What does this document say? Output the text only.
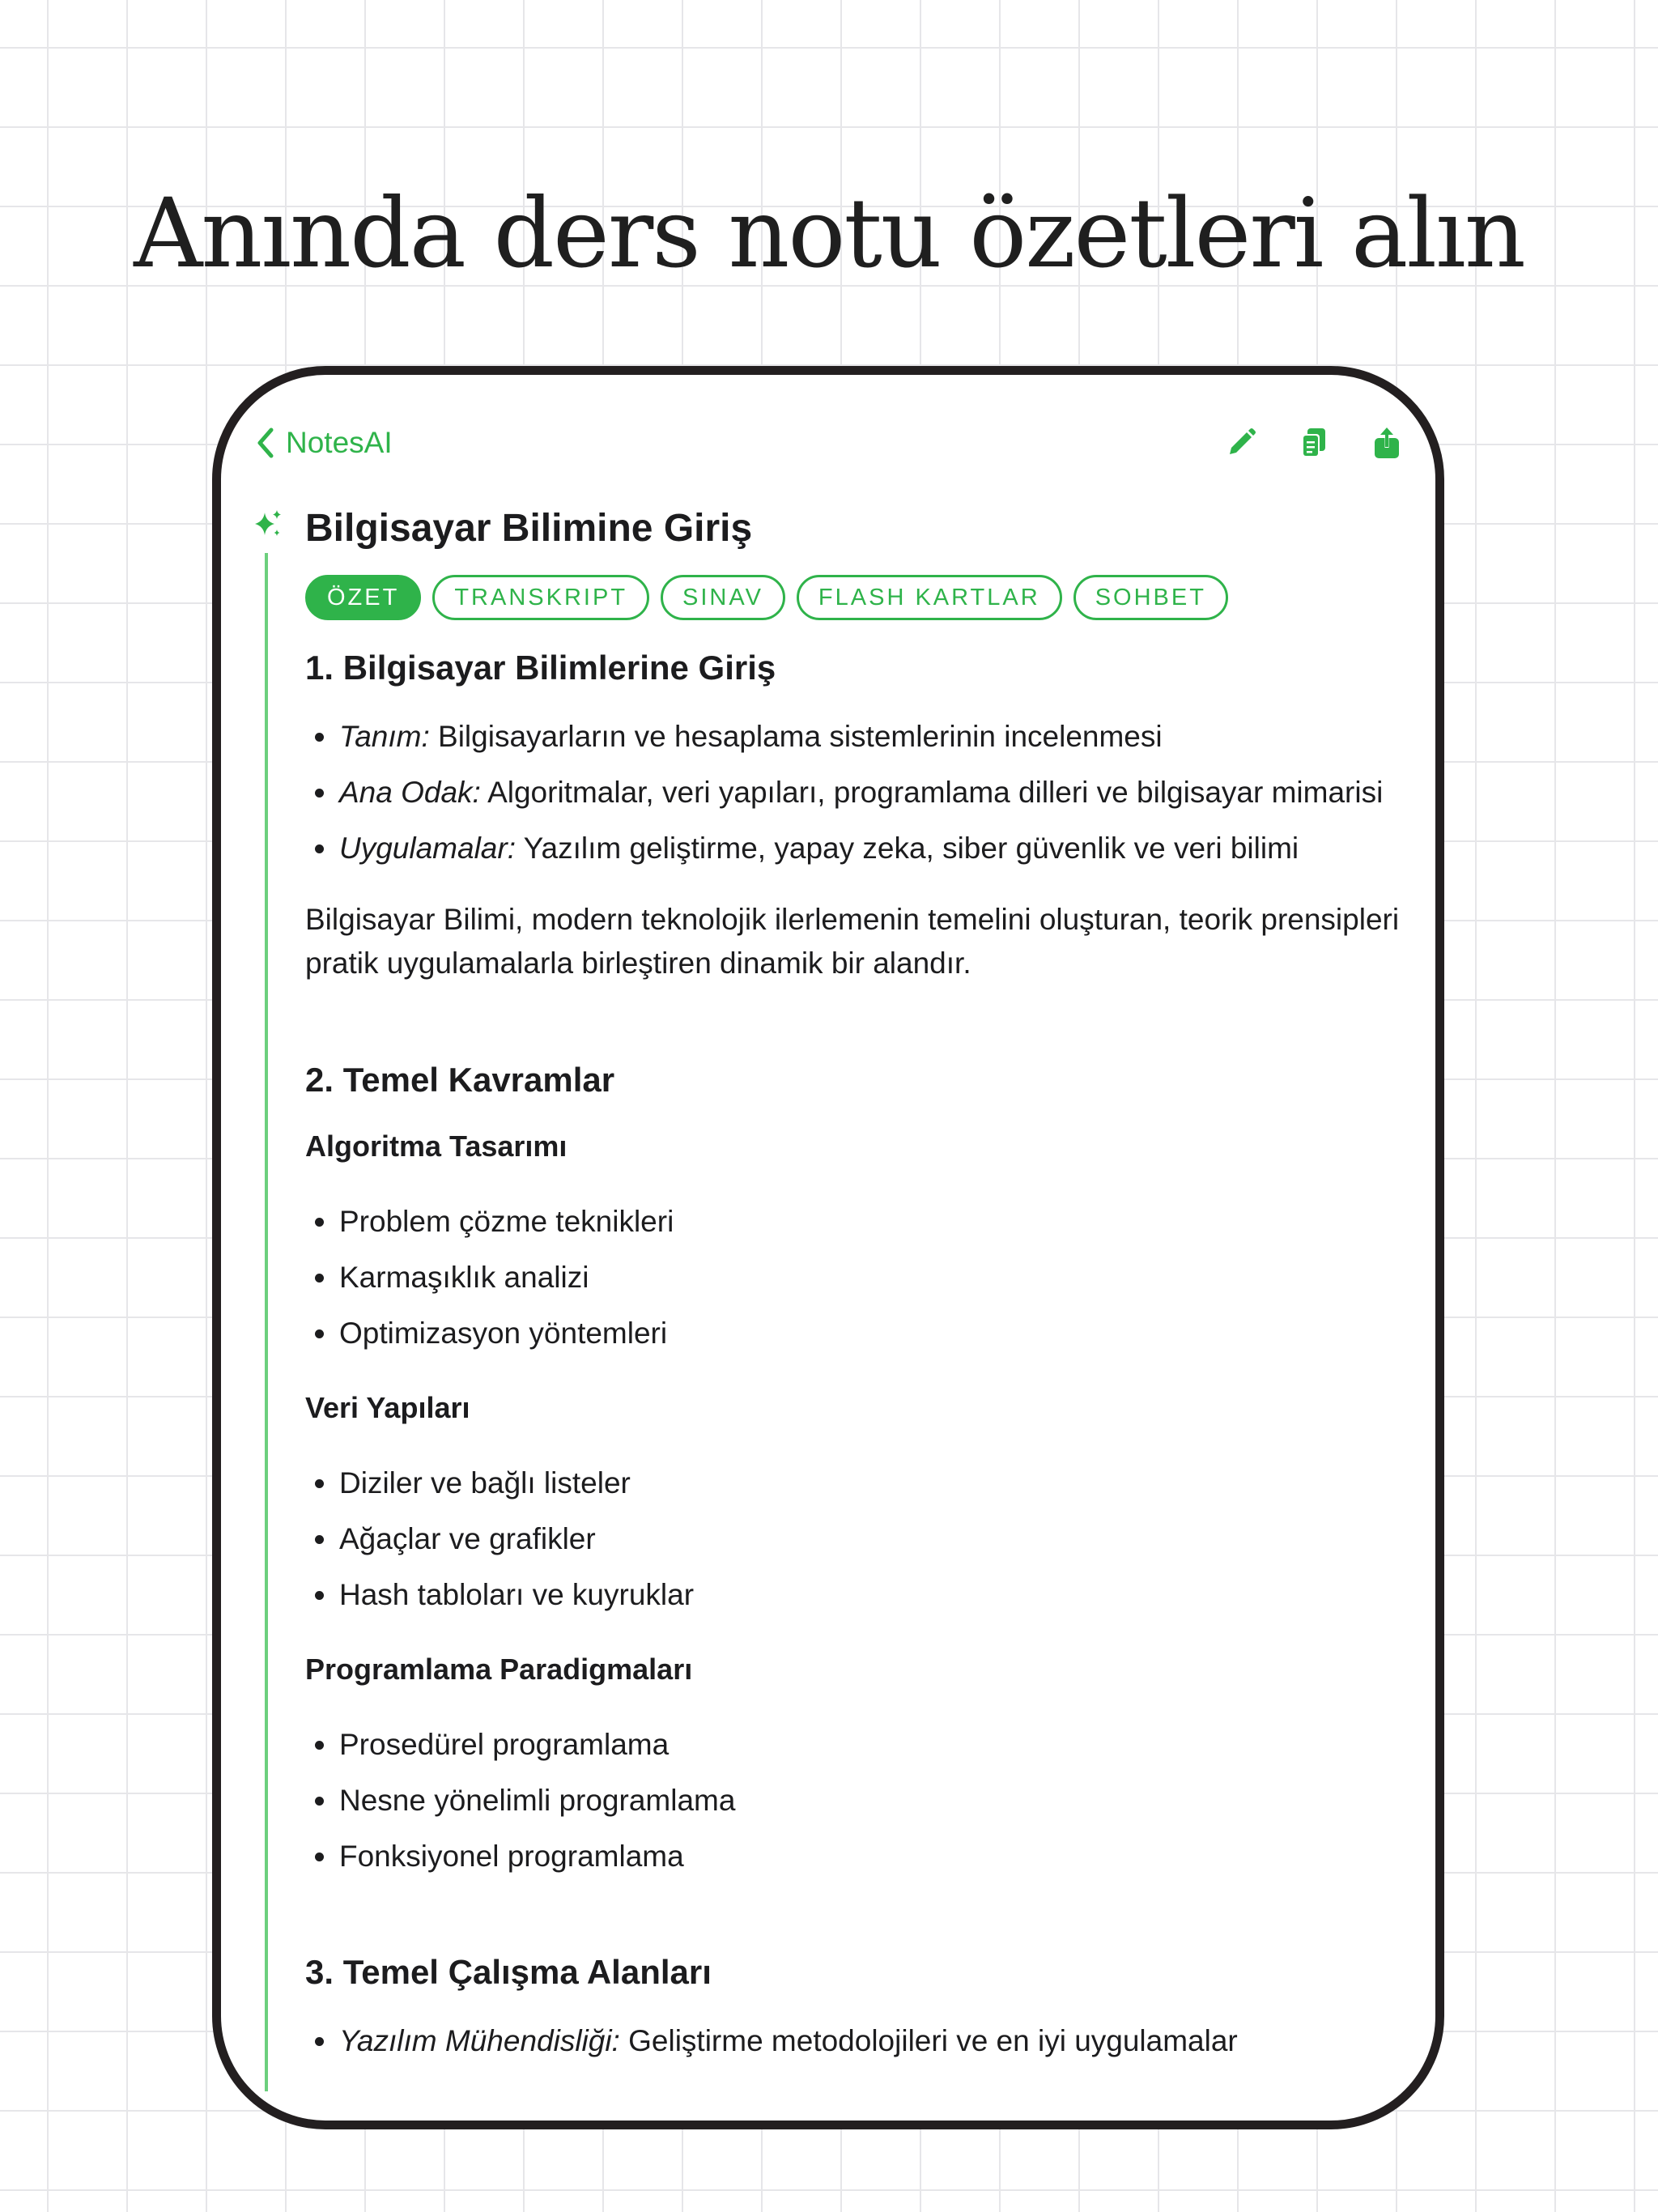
Anında ders notu özetleri alın
NotesAI
Bilgisayar Bilimine Giriş
ÖZET	TRANSKRIPT	SINAV	FLASH KARTLAR	SOHBET
1. Bilgisayar Bilimlerine Giriş
Tanım: Bilgisayarların ve hesaplama sistemlerinin incelenmesi
Ana Odak: Algoritmalar, veri yapıları, programlama dilleri ve bilgisayar mimarisi
Uygulamalar: Yazılım geliştirme, yapay zeka, siber güvenlik ve veri bilimi

Bilgisayar Bilimi, modern teknolojik ilerlemenin temelini oluşturan, teorik prensipleri pratik uygulamalarla birleştiren dinamik bir alandır.

2. Temel Kavramlar
Algoritma Tasarımı
Problem çözme teknikleri
Karmaşıklık analizi
Optimizasyon yöntemleri
Veri Yapıları
Diziler ve bağlı listeler
Ağaçlar ve grafikler
Hash tabloları ve kuyruklar
Programlama Paradigmaları
Prosedürel programlama
Nesne yönelimli programlama
Fonksiyonel programlama
3. Temel Çalışma Alanları
Yazılım Mühendisliği: Geliştirme metodolojileri ve en iyi uygulamalar
